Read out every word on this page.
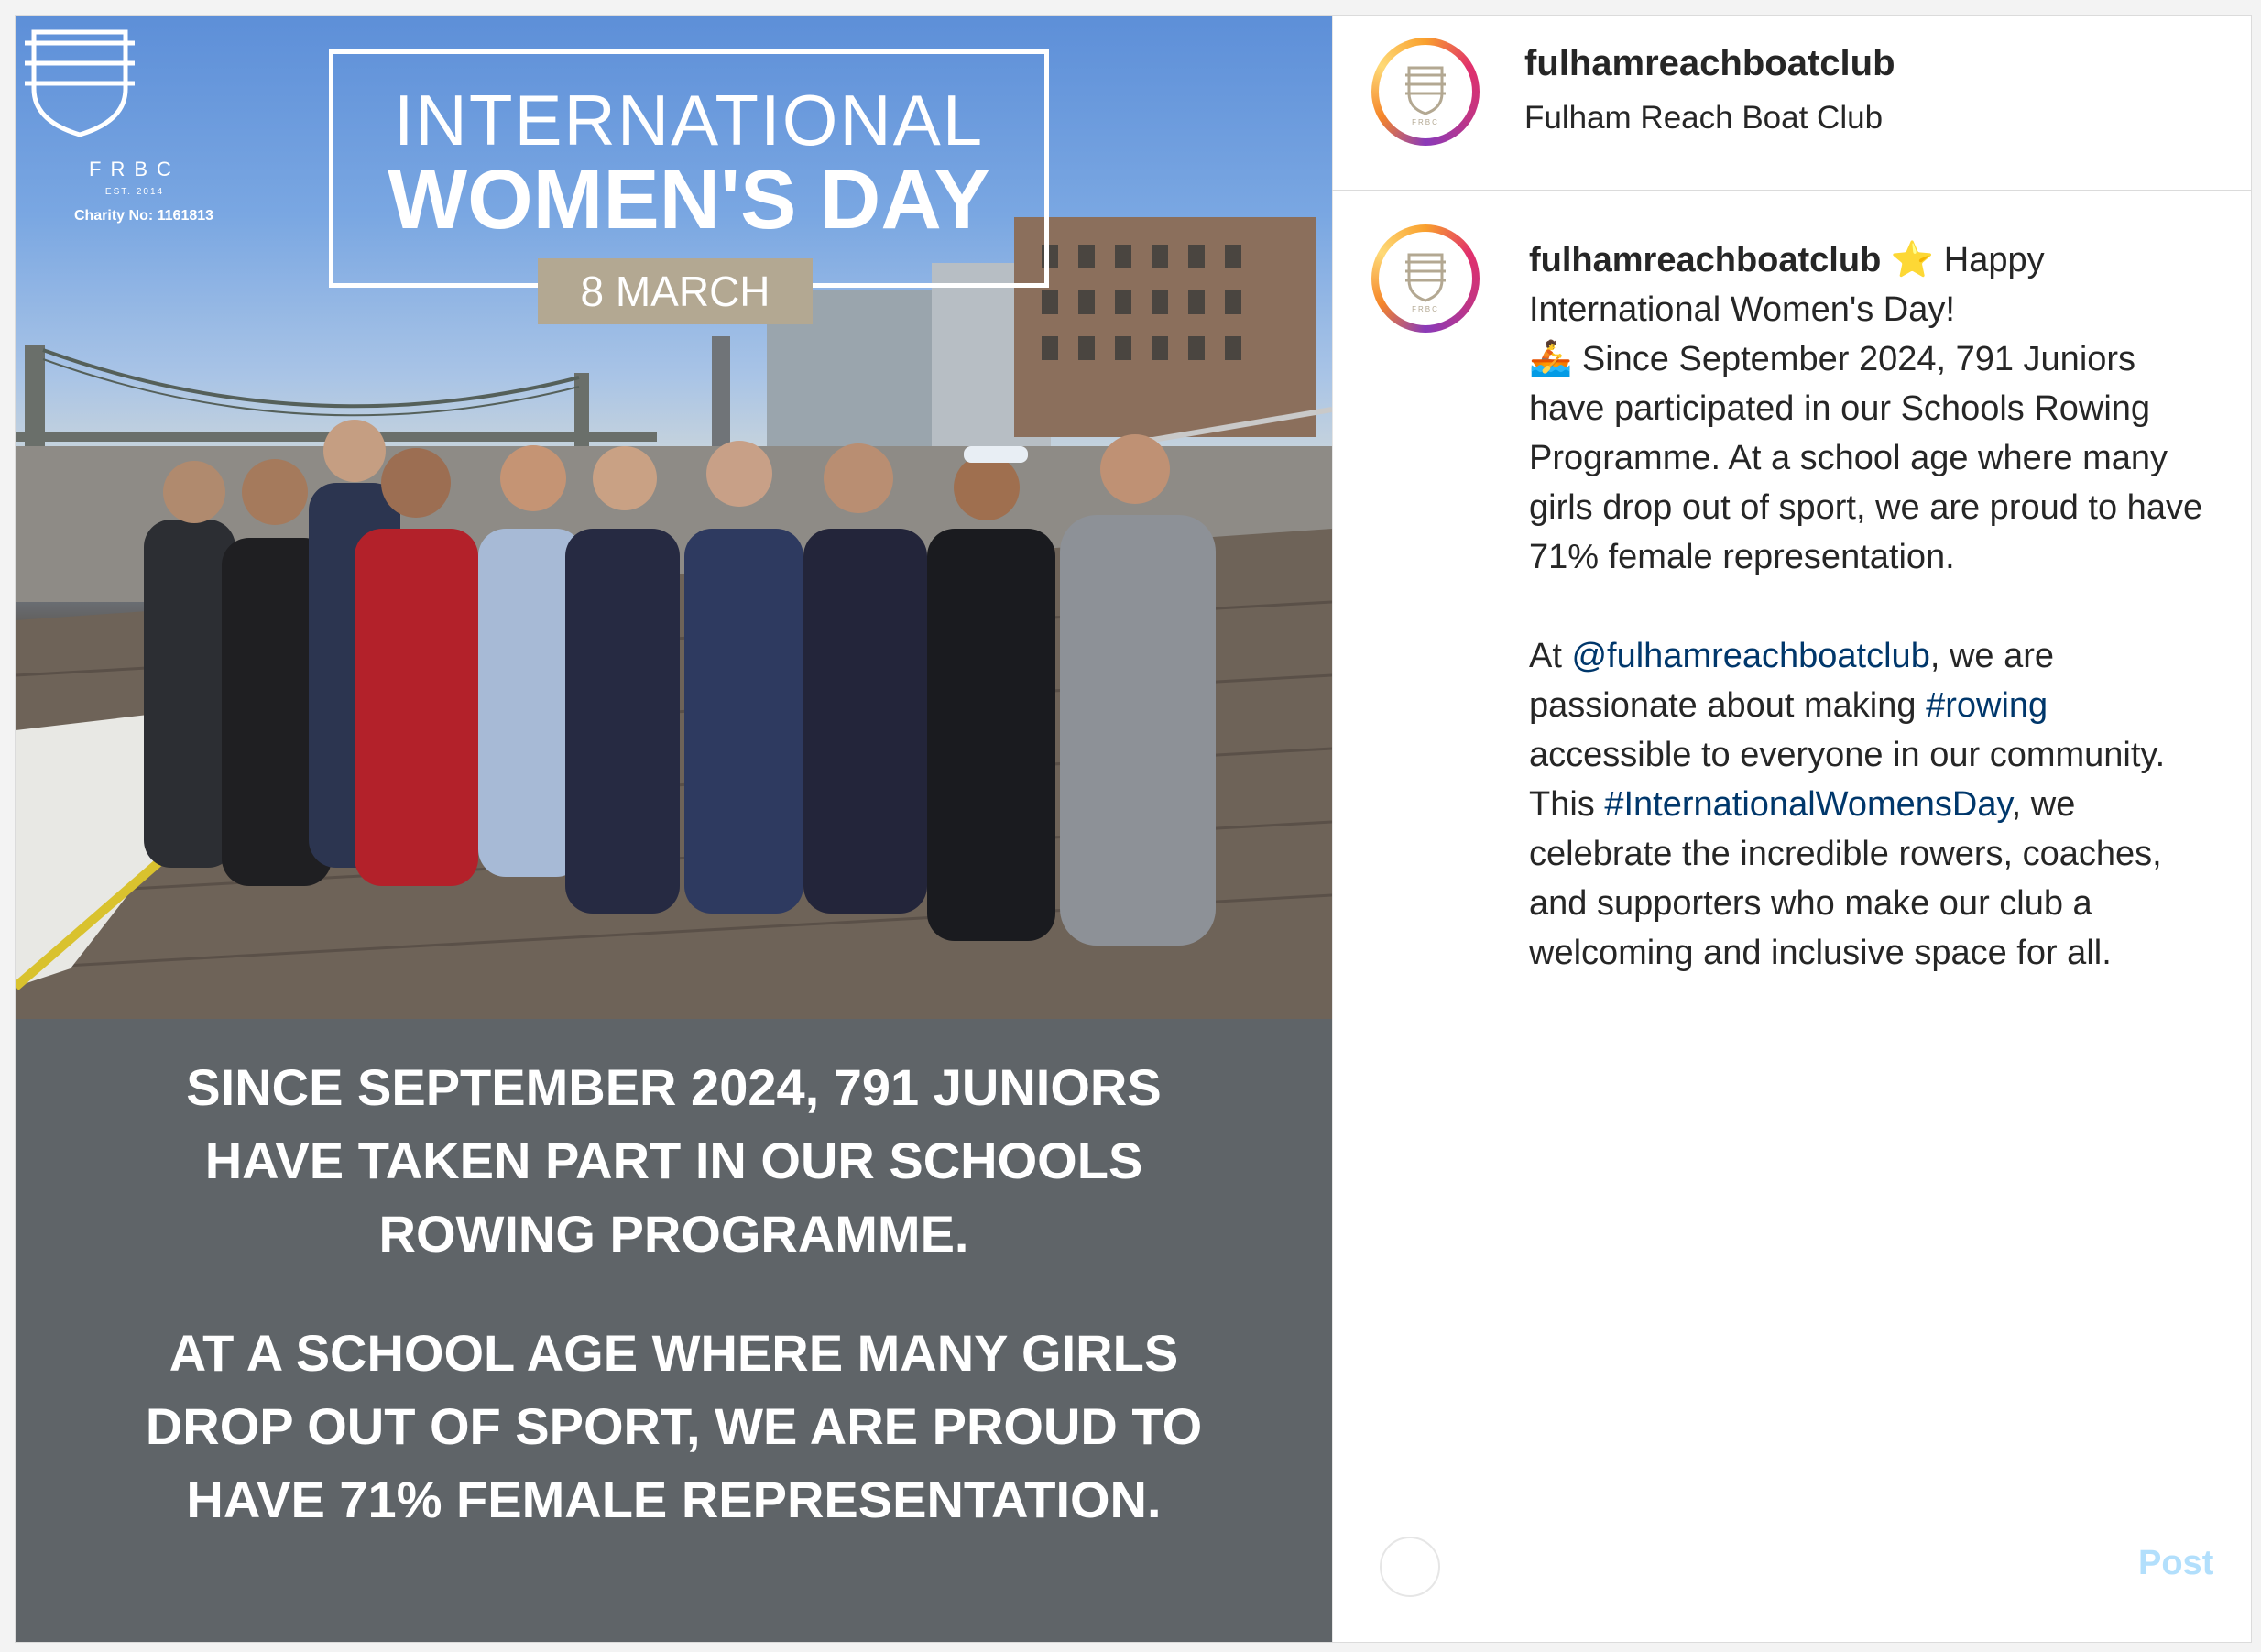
FRBC
EST. 2014
Charity No: 1161813
INTERNATIONAL
WOMEN'S DAY
8 MARCH
SINCE SEPTEMBER 2024, 791 JUNIORS
HAVE TAKEN PART IN OUR SCHOOLS
ROWING PROGRAMME.
AT A SCHOOL AGE WHERE MANY GIRLS
DROP OUT OF SPORT, WE ARE PROUD TO
HAVE 71% FEMALE REPRESENTATION.
FRBC
fulhamreachboatclub
Fulham Reach Boat Club
FRBC

fulhamreachboatclub ⭐ Happy International Women's Day!
🚣 Since September 2024, 791 Juniors have participated in our Schools Rowing Programme. At a school age where many girls drop out of sport, we are proud to have 71% female representation.

At @fulhamreachboatclub, we are passionate about making #rowing accessible to everyone in our community. This #InternationalWomensDay, we celebrate the incredible rowers, coaches, and supporters who make our club a welcoming and inclusive space for all.

Post
